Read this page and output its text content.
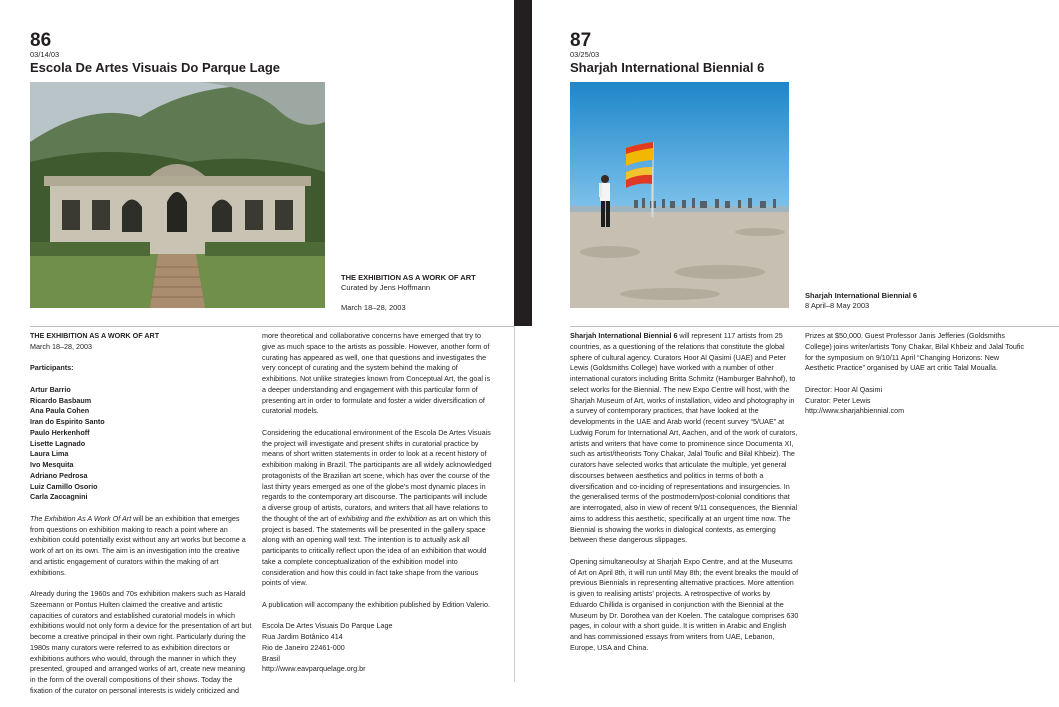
86
03/14/03
Escola De Artes Visuais Do Parque Lage
THE EXHIBITION AS A WORK OF ART
Curated by Jens Hoffmann
March 18–28, 2003
THE EXHIBITION AS A WORK OF ART

March 18–28, 2003

Participants:

Artur Barrio
Ricardo Basbaum
Ana Paula Cohen
Iran do Espirito Santo
Paulo Herkenhoff
Lisette Lagnado
Laura Lima
Ivo Mesquita
Adriano Pedrosa
Luiz Camillo Osorio
Carla Zaccagnini

The Exhibition As A Work Of Art will be an exhibition that emerges from questions on exhibition making to reach a point where an exhibition could potentially exist without any art works but become a work of art on its own. The aim is an investigation into the creative and artistic engagement of curators within the making of art exhibitions.

Already during the 1960s and 70s exhibition makers such as Harald Szeemann or Pontus Hulten claimed the creative and artistic capacities of curators and established curatorial models in which exhibitions would not only form a device for the presentation of art but become a creative principal in their own right. Particularly during the 1980s many curators were referred to as exhibition directors or exhibitions authors who would, through the manner in which they presented, grouped and arranged works of art, create new meaning in the form of the overall compositions of their shows. Today the fixation of the curator on personal interests is widely criticized and

more theoretical and collaborative concerns have emerged that try to give as much space to the artists as possible. However, another form of curating has appeared as well, one that questions and investigates the very concept of curating and the system behind the making of exhibitions. Not unlike strategies known from Conceptual Art, the goal is a deeper understanding and engagement with this particular form of presenting art in order to formulate and foster a wider diversification of curatorial models.

Considering the educational environment of the Escola De Artes Visuais the project will investigate and present shifts in curatorial practice by means of short written statements in order to look at a recent history of exhibition making in Brazil. The participants are all widely acknowledged protagonists of the Brazilian art scene, which has over the course of the last thirty years emerged as one of the globe’s most dynamic places in regards to the contemporary art discourse. The participants will include a diverse group of artists, curators, and writers that all have relations to the thought of the art of exhibiting and the exhibition as art on which this project is based. The statements will be presented in the gallery space along with an opening wall text. The intention is to actually ask all participants to critically reflect upon the idea of an exhibition that would take a complete conceptualization of the exhibition model into consideration and how this could in fact take shape from the various points of view.

A publication will accompany the exhibition published by Edition Valerio.

Escola De Artes Visuais Do Parque Lage
Rua Jardim Botânico 414
Rio de Janeiro 22461-000
Brasil
http://www.eavparquelage.org.br
87
03/25/03
Sharjah International Biennial 6
Sharjah International Biennial 6
8 April–8 May 2003

Sharjah International Biennial 6 will represent 117 artists from 25 countries, as a questioning of the relations that constitute the global sphere of cultural agency. Curators Hoor Al Qasimi (UAE) and Peter Lewis (Goldsmiths College) have worked with a number of other international curators including Britta Schmitz (Hamburger Bahnhof), to select works for the Biennial. The new Expo Centre will host, with the Sharjah Museum of Art, works of installation, video and photography in a survey of contemporary practices, that have looked at the developments in the UAE and Arab world (recent survey “5/UAE” at Ludwig Forum for International Art, Aachen, and of the work of curators, artists and writers that have come to prominence since Documenta XI, such as artist/theorists Tony Chakar, Jalal Toufic and Bilal Khbeiz). The curators have selected works that articulate the multiple, yet general discourses between aesthetics and politics in terms of both a diversification and co-inciding of representations and insurgencies. In the generalised terms of the postmodern/post-colonial conditions that are interrogated, also in view of recent 9/11 consequences, the Biennial aims to address this aesthetic, specifically at an urgent time now. The Biennial is showing the works in dialogical contexts, as emerging between these dangerous slippages.

Opening simultaneoulsy at Sharjah Expo Centre, and at the Museums of Art on April 8th, it will run until May 8th; the event breaks the mould of previous Biennials in representing alternative practices. More attention is given to realising artists’ projects. A retrospective of works by Eduardo Chillida is organised in conjunction with the Biennial at the Museum by Dr. Dorothea van der Koelen. The catalogue comprises 630 pages, in colour with a short guide. It is written in Arabic and English and has commissioned essays from writers from UAE, Lebanon, Europe, USA and China.

Prizes at $50,000. Guest Professor Janis Jefferies (Goldsmiths College) joins writer/artists Tony Chakar, Bilal Khbeiz and Jalal Toufic for the symposium on 9/10/11 April “Changing Horizons: New Aesthetic Practice” organised by UAE art critic Talal Moualla.

Director: Hoor Al Qasimi
Curator: Peter Lewis
http://www.sharjahbiennial.com
